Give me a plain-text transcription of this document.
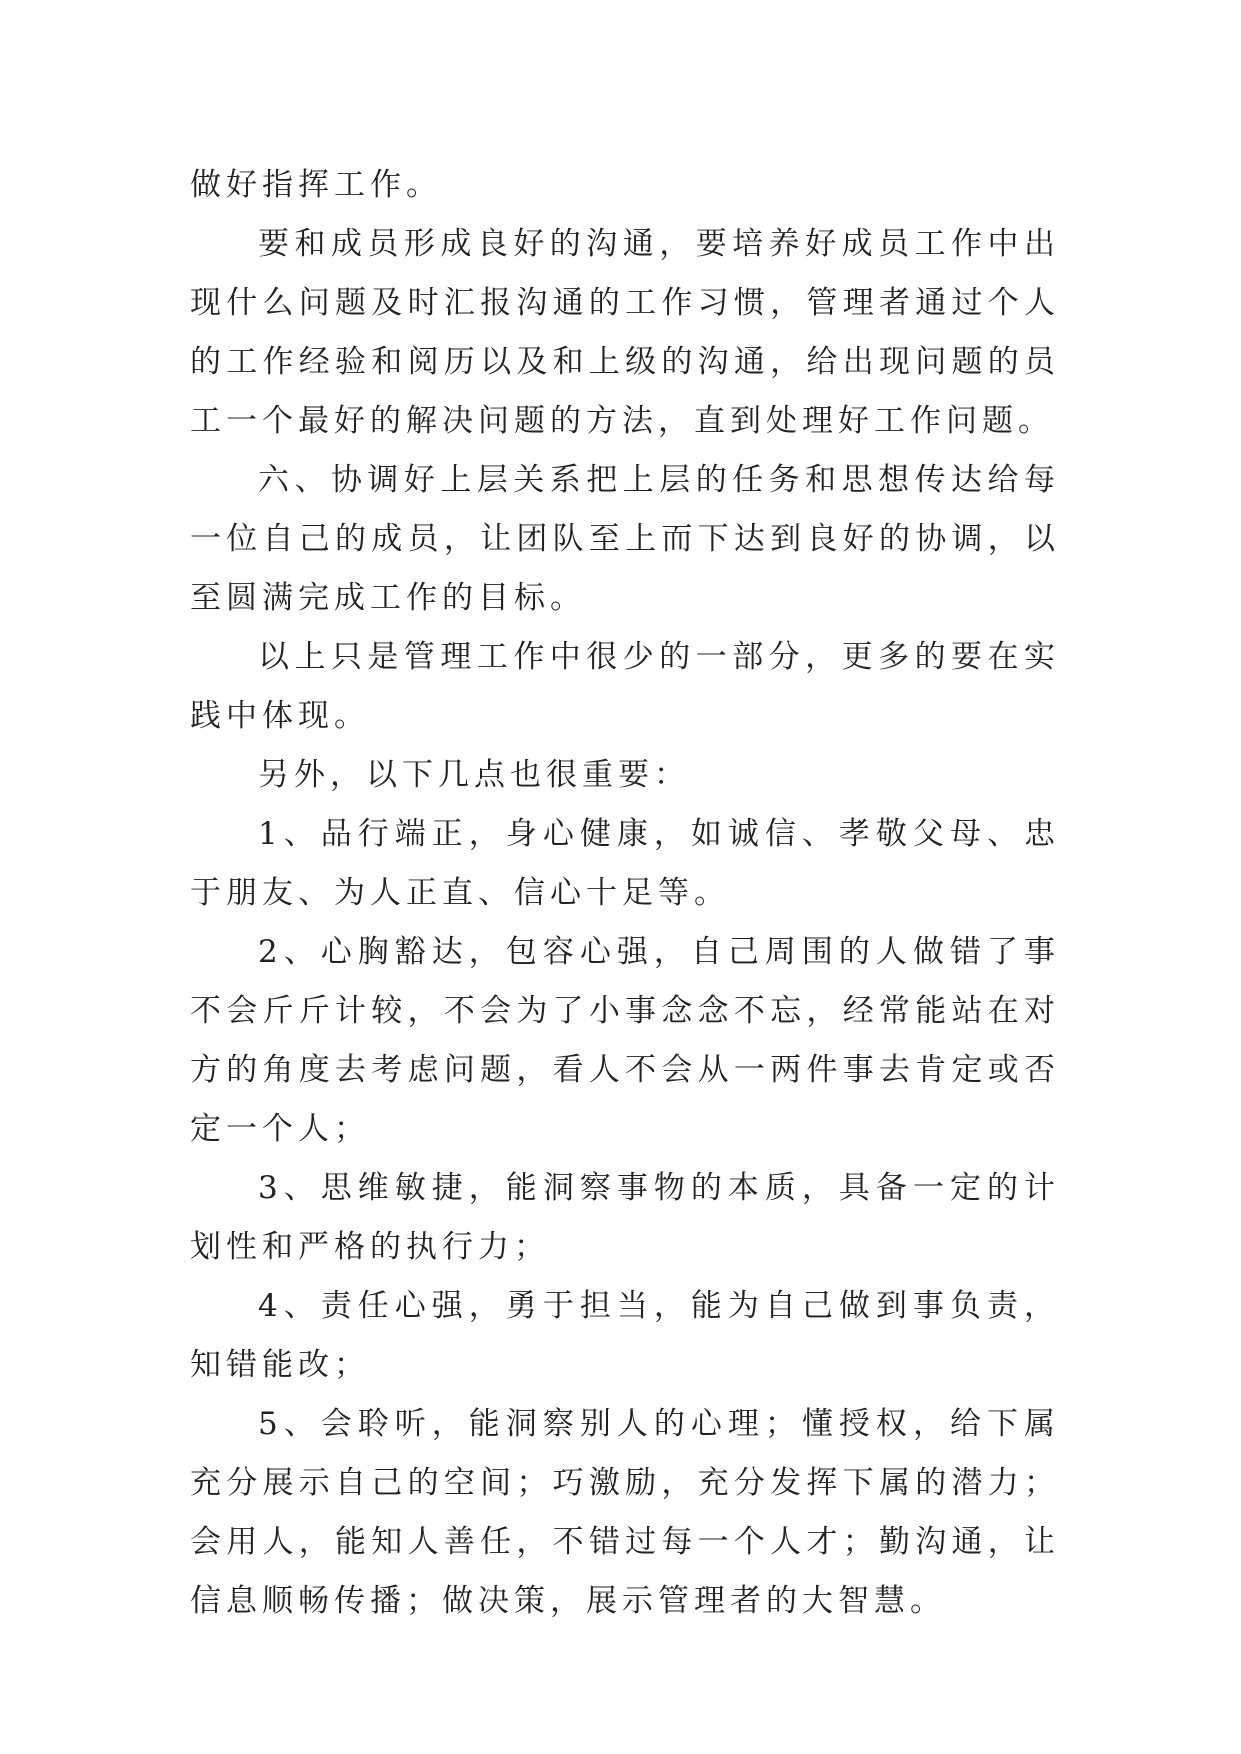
做好指挥工作。

要和成员形成良好的沟通，要培养好成员工作中出现什么问题及时汇报沟通的工作习惯，管理者通过个人的工作经验和阅历以及和上级的沟通，给出现问题的员工一个最好的解决问题的方法，直到处理好工作问题。

六、协调好上层关系把上层的任务和思想传达给每一位自己的成员，让团队至上而下达到良好的协调，以至圆满完成工作的目标。

以上只是管理工作中很少的一部分，更多的要在实践中体现。

另外，以下几点也很重要：

1、品行端正，身心健康，如诚信、孝敬父母、忠于朋友、为人正直、信心十足等。

2、心胸豁达，包容心强，自己周围的人做错了事不会斤斤计较，不会为了小事念念不忘，经常能站在对方的角度去考虑问题，看人不会从一两件事去肯定或否定一个人；

3、思维敏捷，能洞察事物的本质，具备一定的计划性和严格的执行力；

4、责任心强，勇于担当，能为自己做到事负责，知错能改；

5、会聆听，能洞察别人的心理；懂授权，给下属充分展示自己的空间；巧激励，充分发挥下属的潜力；会用人，能知人善任，不错过每一个人才；勤沟通，让信息顺畅传播；做决策，展示管理者的大智慧。
